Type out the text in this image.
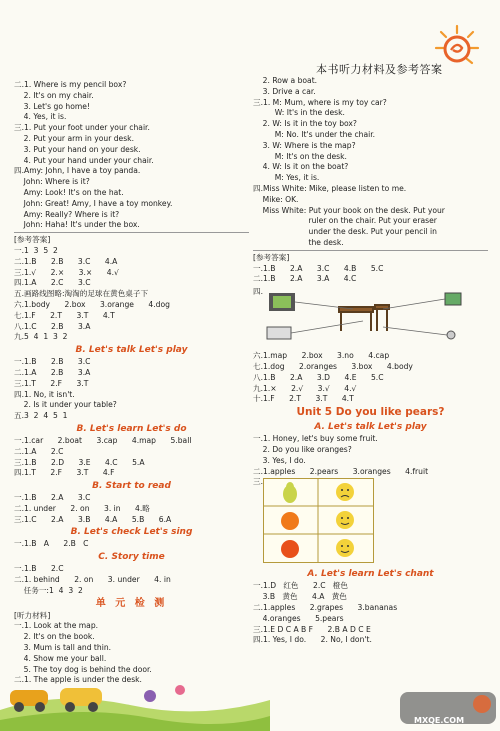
本书听力材料及参考答案
二.1. Where is my pencil box?
2. It's on my chair.
3. Let's go home!
4. Yes, it is.
三.1. Put your foot under your chair.
2. Put your arm in your desk.
3. Put your hand on your desk.
4. Put your hand under your chair.
四.Amy: John, I have a toy panda.
John: Where is it?
Amy: Look! It's on the hat.
John: Great! Amy, I have a toy monkey.
Amy: Really? Where is it?
John: Haha! It's under the box.
[参考答案]
一.1  3  5  2
二.1.B      2.B      3.C      4.A
三.1.√      2.×      3.×      4.√
四.1.A      2.C      3.C
五.画路线图略:淘淘的足球在黄色桌子下
六.1.body      2.box      3.orange      4.dog
七.1.F      2.T      3.T      4.T
八.1.C      2.B      3.A
九.5  4  1  3  2
B. Let's talk Let's play
一.1.B      2.B      3.C
二.1.A      2.B      3.A
三.1.T      2.F      3.T
四.1. No, it isn't.
2. Is it under your table?
五.3  2  4  5  1
B. Let's learn Let's do
一.1.car      2.boat      3.cap      4.map      5.ball
二.1.A      2.C
三.1.B      2.D      3.E      4.C      5.A
四.1.T      2.F      3.T      4.F
B. Start to read
一.1.B      2.A      3.C
二.1. under      2. on      3. in      4.略
三.1.C      2.A      3.B      4.A      5.B      6.A
B. Let's check Let's sing
一.1.B   A      2.B   C
C. Story time
一.1.B      2.C
二.1. behind      2. on      3. under      4. in
任务一:1  4  3  2
单 元 检 测
[听力材料]
一.1. Look at the map.
2. It's on the book.
3. Mum is tall and thin.
4. Show me your ball.
5. The toy dog is behind the door.
二.1. The apple is under the desk.
2. Row a boat.
3. Drive a car.
三.1. M: Mum, where is my toy car?
W: It's in the desk.
2. W: Is it in the toy box?
M: No. It's under the chair.
3. W: Where is the map?
M: It's on the desk.
4. W: Is it on the boat?
M: Yes, it is.
四.Miss White: Mike, please listen to me.
Mike: OK.
Miss White: Put your book on the desk. Put your
ruler on the chair. Put your eraser
under the desk. Put your pencil in
the desk.
[参考答案]
一.1.B      2.A      3.C      4.B      5.C
二.1.B      2.A      3.A      4.C
四.
六.1.map      2.box      3.no      4.cap
七.1.dog      2.oranges      3.box      4.body
八.1.B      2.A      3.D      4.E      5.C
九.1.×      2.√      3.√      4.√
十.1.F      2.T      3.T      4.T
Unit 5 Do you like pears?
A. Let's talk Let's play
一.1. Honey, let's buy some fruit.
2. Do you like oranges?
3. Yes, I do.
二.1.apples      2.pears      3.oranges      4.fruit
三.
A. Let's learn Let's chant
一.1.D   红色      2.C   橙色
3.B   黄色      4.A   黄色
二.1.apples      2.grapes      3.bananas
4.oranges      5.pears
三.1.E D C A B F      2.B A D C E
四.1. Yes, I do.      2. No, I don't.
MXQE.COM
